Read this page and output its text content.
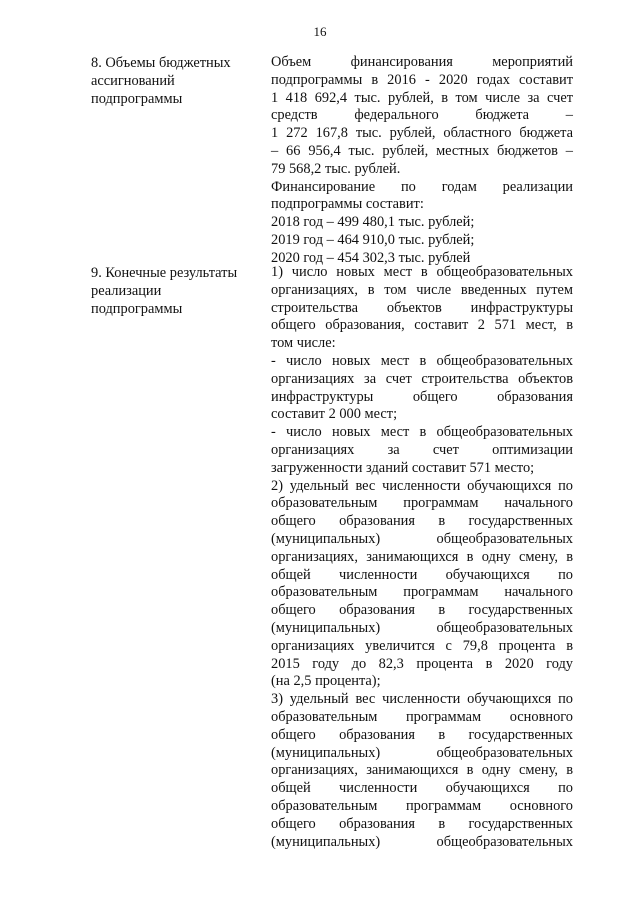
16
8. Объемы бюджетных
ассигнований
подпрограммы
Объем финансирования мероприятий
подпрограммы в 2016 - 2020 годах составит
1 418 692,4 тыс. рублей, в том числе за счет
средств федерального бюджета –
1 272 167,8 тыс. рублей, областного бюджета
– 66 956,4 тыс. рублей, местных бюджетов –
79 568,2 тыс. рублей.
Финансирование по годам реализации
подпрограммы составит:
2018 год – 499 480,1 тыс. рублей;
2019 год – 464 910,0 тыс. рублей;
2020 год – 454 302,3 тыс. рублей
9. Конечные результаты
реализации
подпрограммы
1) число новых мест в общеобразовательных
организациях, в том числе введенных путем
строительства объектов инфраструктуры
общего образования, составит 2 571 мест, в
том числе:
- число новых мест в общеобразовательных
организациях за счет строительства объектов
инфраструктуры общего образования
составит 2 000 мест;
- число новых мест в общеобразовательных
организациях за счет оптимизации
загруженности зданий составит 571 место;
2) удельный вес численности обучающихся по
образовательным программам начального
общего образования в государственных
(муниципальных) общеобразовательных
организациях, занимающихся в одну смену, в
общей численности обучающихся по
образовательным программам начального
общего образования в государственных
(муниципальных) общеобразовательных
организациях увеличится с 79,8 процента в
2015 году до 82,3 процента в 2020 году
(на 2,5 процента);
3) удельный вес численности обучающихся по
образовательным программам основного
общего образования в государственных
(муниципальных) общеобразовательных
организациях, занимающихся в одну смену, в
общей численности обучающихся по
образовательным программам основного
общего образования в государственных
(муниципальных) общеобразовательных
